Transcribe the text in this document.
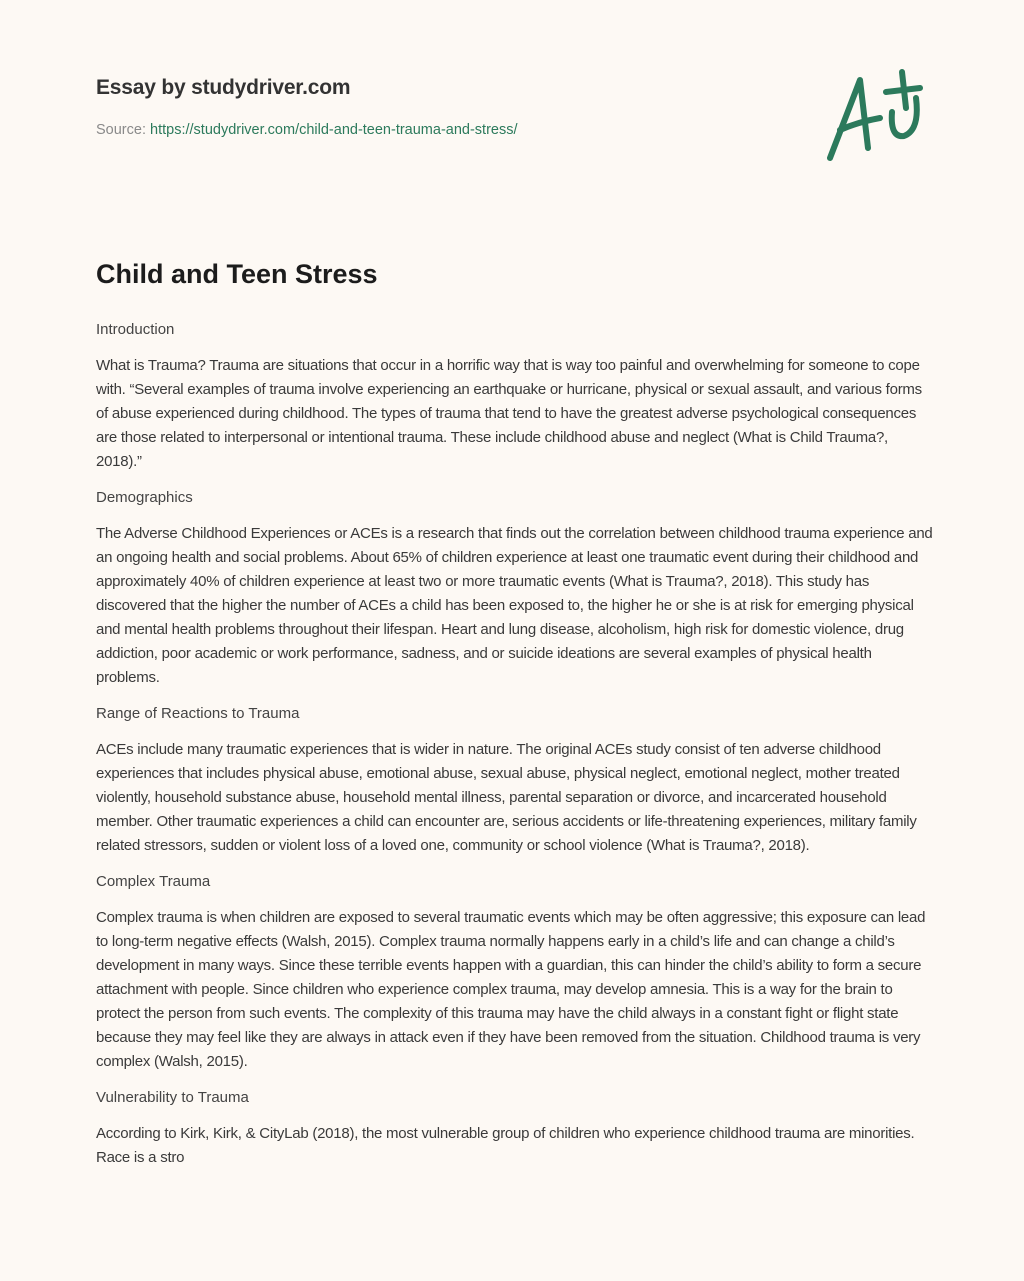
Essay by studydriver.com
Source: https://studydriver.com/child-and-teen-trauma-and-stress/
Child and Teen Stress
Introduction

What is Trauma? Trauma are situations that occur in a horrific way that is way too painful and overwhelming for someone to cope with. “Several examples of trauma involve experiencing an earthquake or hurricane, physical or sexual assault, and various forms of abuse experienced during childhood. The types of trauma that tend to have the greatest adverse psychological consequences are those related to interpersonal or intentional trauma. These include childhood abuse and neglect (What is Child Trauma?, 2018).”

Demographics

The Adverse Childhood Experiences or ACEs is a research that finds out the correlation between childhood trauma experience and an ongoing health and social problems. About 65% of children experience at least one traumatic event during their childhood and approximately 40% of children experience at least two or more traumatic events (What is Trauma?, 2018). This study has discovered that the higher the number of ACEs a child has been exposed to, the higher he or she is at risk for emerging physical and mental health problems throughout their lifespan. Heart and lung disease, alcoholism, high risk for domestic violence, drug addiction, poor academic or work performance, sadness, and or suicide ideations are several examples of physical health problems.

Range of Reactions to Trauma

ACEs include many traumatic experiences that is wider in nature. The original ACEs study consist of ten adverse childhood experiences that includes physical abuse, emotional abuse, sexual abuse, physical neglect, emotional neglect, mother treated violently, household substance abuse, household mental illness, parental separation or divorce, and incarcerated household member. Other traumatic experiences a child can encounter are, serious accidents or life-threatening experiences, military family related stressors, sudden or violent loss of a loved one, community or school violence (What is Trauma?, 2018).

Complex Trauma

Complex trauma is when children are exposed to several traumatic events which may be often aggressive; this exposure can lead to long-term negative effects (Walsh, 2015). Complex trauma normally happens early in a child’s life and can change a child’s development in many ways. Since these terrible events happen with a guardian, this can hinder the child’s ability to form a secure attachment with people. Since children who experience complex trauma, may develop amnesia. This is a way for the brain to protect the person from such events. The complexity of this trauma may have the child always in a constant fight or flight state because they may feel like they are always in attack even if they have been removed from the situation. Childhood trauma is very complex (Walsh, 2015).

Vulnerability to Trauma

According to Kirk, Kirk, & CityLab (2018), the most vulnerable group of children who experience childhood trauma are minorities. Race is a stro
